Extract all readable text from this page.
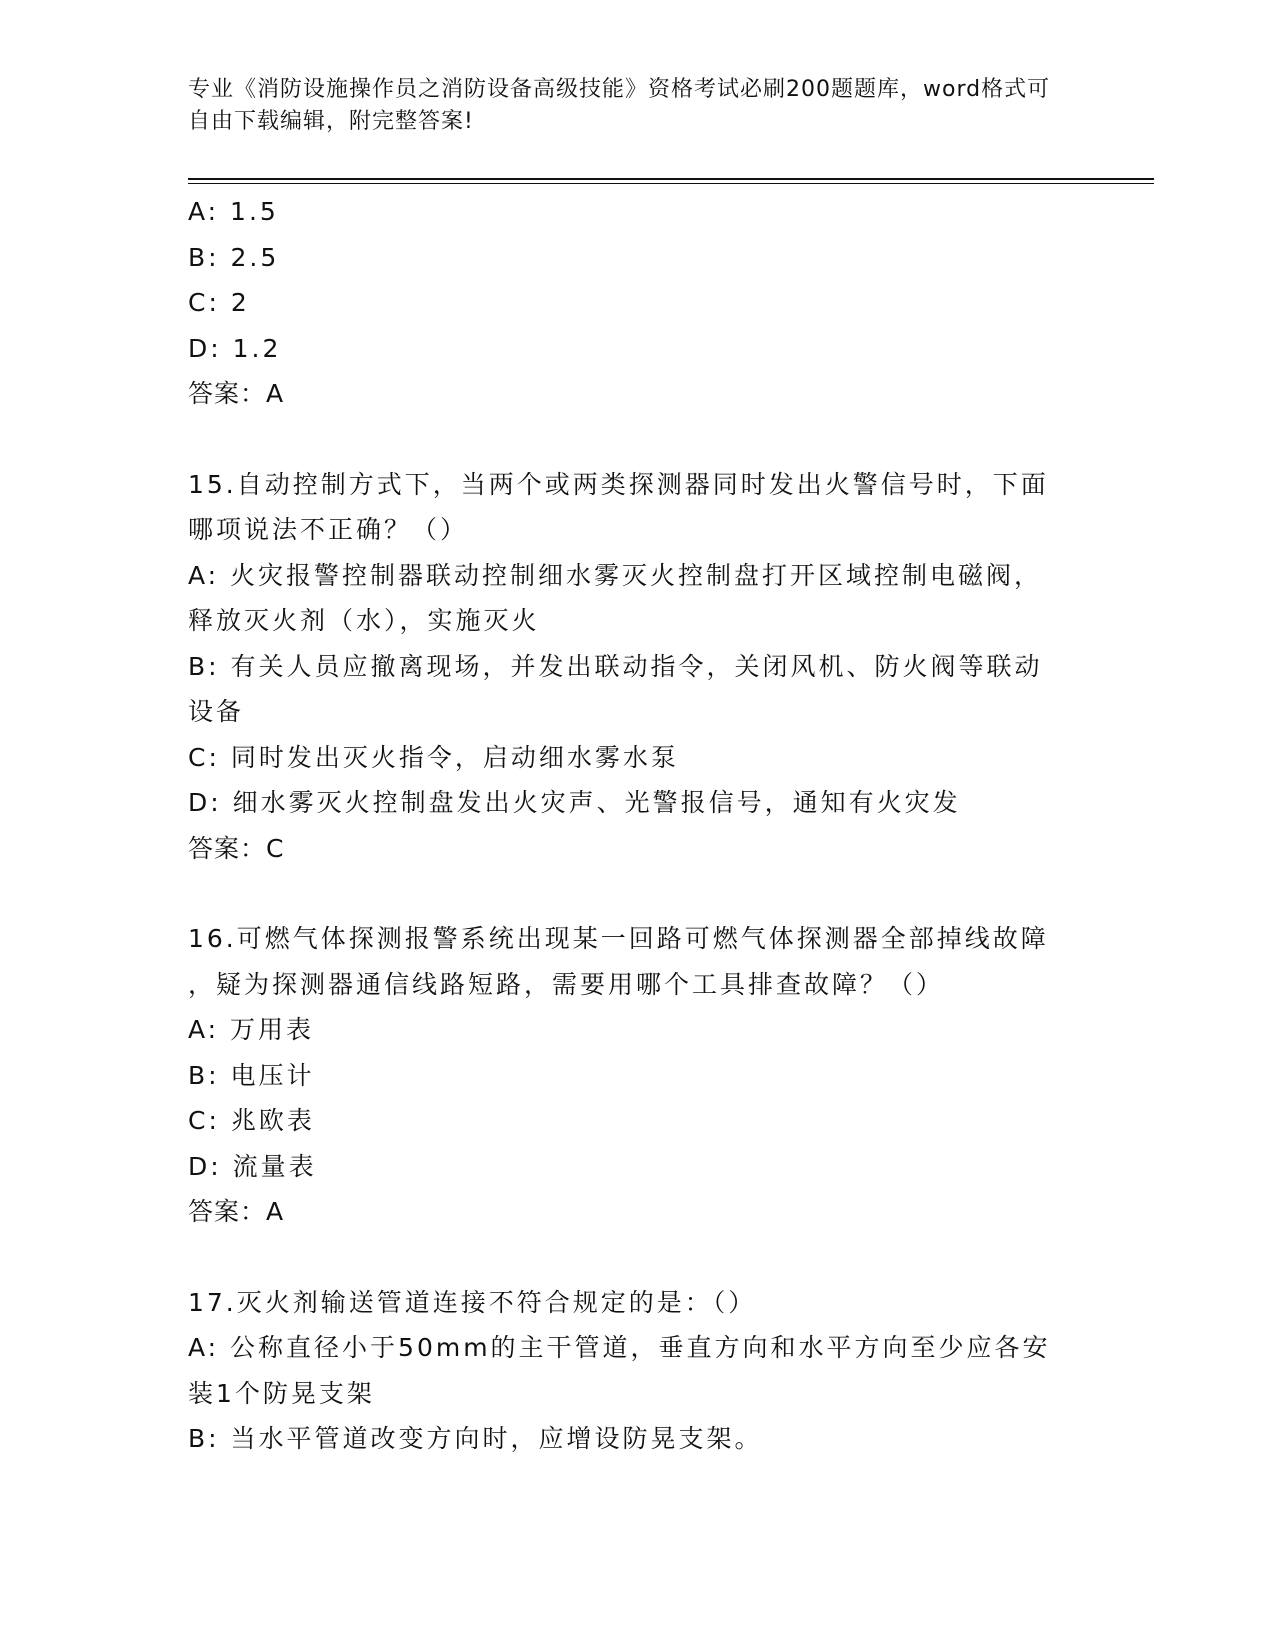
专业《消防设施操作员之消防设备高级技能》资格考试必刷200题题库，word格式可自由下载编辑，附完整答案!
A: 1.5
B: 2.5
C: 2
D: 1.2
答案：A
15.自动控制方式下，当两个或两类探测器同时发出火警信号时，下面
哪项说法不正确？（）
A: 火灾报警控制器联动控制细水雾灭火控制盘打开区域控制电磁阀，
释放灭火剂（水），实施灭火
B: 有关人员应撤离现场，并发出联动指令，关闭风机、防火阀等联动
设备
C: 同时发出灭火指令，启动细水雾水泵
D: 细水雾灭火控制盘发出火灾声、光警报信号，通知有火灾发
答案：C
16.可燃气体探测报警系统出现某一回路可燃气体探测器全部掉线故障
，疑为探测器通信线路短路，需要用哪个工具排查故障？（）
A: 万用表
B: 电压计
C: 兆欧表
D: 流量表
答案：A
17.灭火剂输送管道连接不符合规定的是：（）
A: 公称直径小于50mm的主干管道，垂直方向和水平方向至少应各安
装1个防晃支架
B: 当水平管道改变方向时，应增设防晃支架。
